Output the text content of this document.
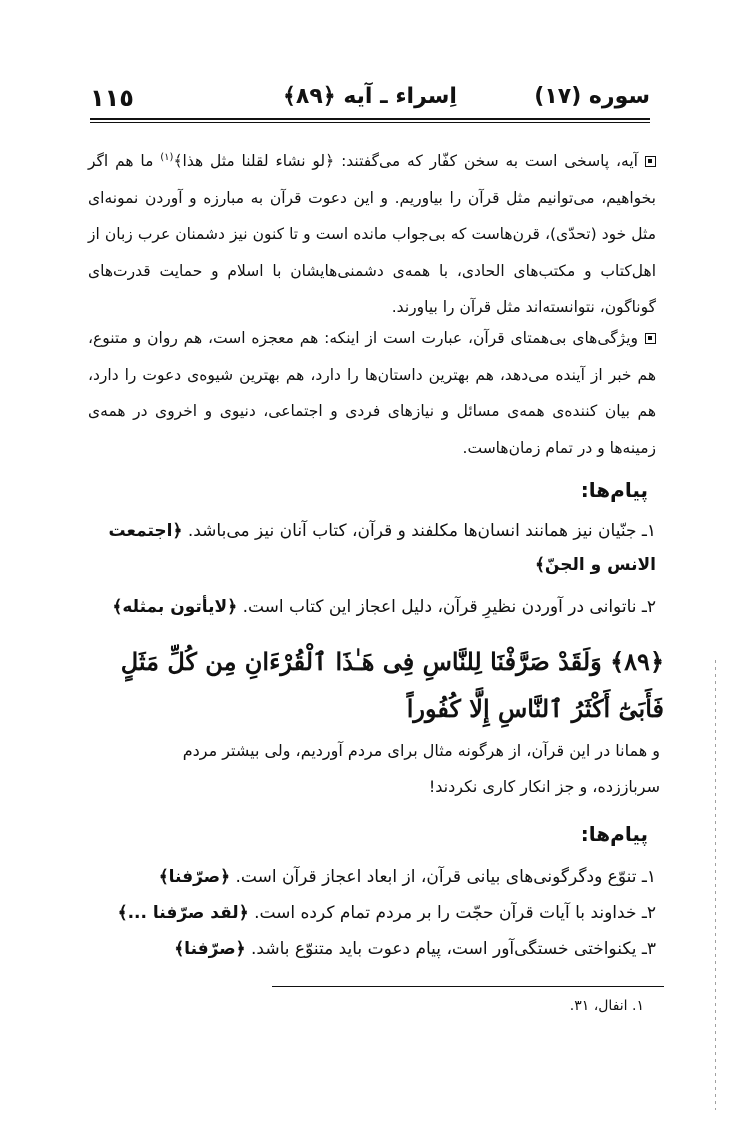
١١٥	اِسراء ـ آیه ﴿٨٩﴾	سوره (١٧)
آیه، پاسخی است به سخن کفّار که می‌گفتند: ﴿لو نشاء لقلنا مثل هذا﴾$^{(١)}$ ما هم اگر بخواهیم، می‌توانیم مثل قرآن را بیاوریم. و این دعوت قرآن به مبارزه و آوردن نمونه‌ای مثل خود (تحدّی)، قرن‌هاست که بی‌جواب مانده است و تا کنون نیز دشمنان عرب زبان از اهل‌کتاب و مکتب‌های الحادی، با همه‌ی دشمنی‌هایشان با اسلام و حمایت قدرت‌های گوناگون، نتوانسته‌اند مثل قرآن را بیاورند.
ویژگی‌های بی‌همتای قرآن، عبارت است از اینکه: هم معجزه است، هم روان و متنوع، هم خبر از آینده می‌دهد، هم بهترین داستان‌ها را دارد، هم بهترین شیوه‌ی دعوت را دارد، هم بیان کننده‌ی همه‌ی مسائل و نیازهای فردی و اجتماعی، دنیوی و اخروی در همه‌ی زمینه‌ها و در تمام زمان‌هاست.
پیام‌ها:
١ـ جنّیان نیز همانند انسان‌ها مکلفند و قرآن، کتاب آنان نیز می‌باشد. ﴿اجتمعت الانس و الجنّ﴾
٢ـ ناتوانی در آوردن نظیرِ قرآن، دلیل اعجاز این کتاب است. ﴿لایأتون بمثله﴾
﴿٨٩﴾ وَلَقَدْ صَرَّفْنَا لِلنَّاسِ فِى هَـٰذَا ٱلْقُرْءَانِ مِن كُلِّ مَثَلٍ فَأَبَىٰٓ أَكْثَرُ ٱلنَّاسِ إِلَّا كُفُوراً
و همانا در این قرآن، از هرگونه مثال برای مردم آوردیم، ولی بیشتر مردم سرباززده، و جز انکار کاری نکردند!
پیام‌ها:
١ـ تنوّع ودگرگونی‌های بیانی قرآن، از ابعاد اعجاز قرآن است. ﴿صرّفنا﴾
٢ـ خداوند با آیات قرآن حجّت را بر مردم تمام کرده است. ﴿لقد صرّفنا ...﴾
٣ـ یکنواختی خستگی‌آور است، پیام دعوت باید متنوّع باشد. ﴿صرّفنا﴾
١. انفال، ٣١.
